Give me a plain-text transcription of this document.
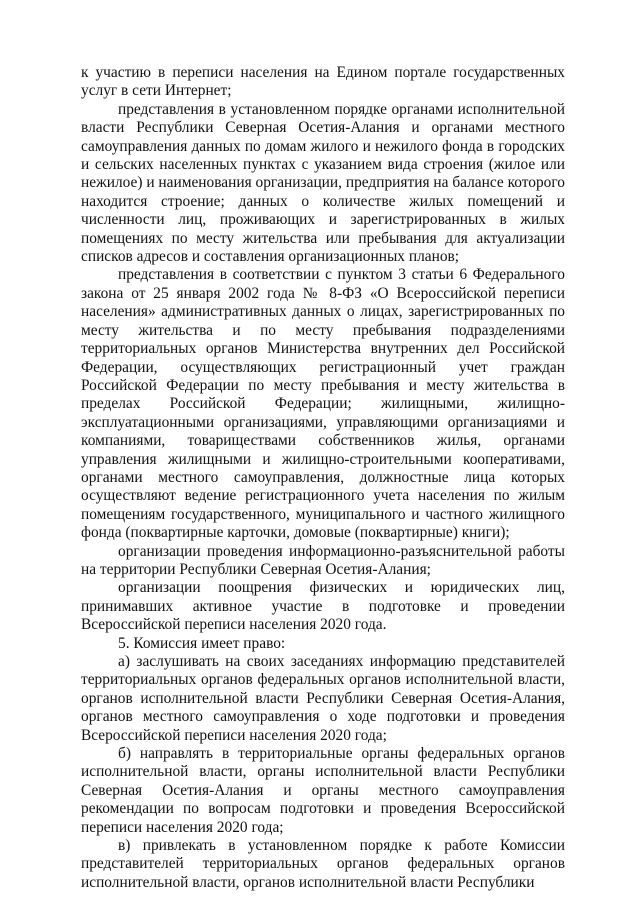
к участию в переписи населения на Едином портале государственных услуг в сети Интернет;

представления в установленном порядке органами исполнительной власти Республики Северная Осетия-Алания и органами местного самоуправления данных по домам жилого и нежилого фонда в городских и сельских населенных пунктах с указанием вида строения (жилое или нежилое) и наименования организации, предприятия на балансе которого находится строение; данных о количестве жилых помещений и численности лиц, проживающих и зарегистрированных в жилых помещениях по месту жительства или пребывания для актуализации списков адресов и составления организационных планов;

представления в соответствии с пунктом 3 статьи 6 Федерального закона от 25 января 2002 года № 8-ФЗ «О Всероссийской переписи населения» административных данных о лицах, зарегистрированных по месту жительства и по месту пребывания подразделениями территориальных органов Министерства внутренних дел Российской Федерации, осуществляющих регистрационный учет граждан Российской Федерации по месту пребывания и месту жительства в пределах Российской Федерации; жилищными, жилищно-эксплуатационными организациями, управляющими организациями и компаниями, товариществами собственников жилья, органами управления жилищными и жилищно-строительными кооперативами, органами местного самоуправления, должностные лица которых осуществляют ведение регистрационного учета населения по жилым помещениям государственного, муниципального и частного жилищного фонда (поквартирные карточки, домовые (поквартирные) книги);

организации проведения информационно-разъяснительной работы на территории Республики Северная Осетия-Алания;

организации поощрения физических и юридических лиц, принимавших активное участие в подготовке и проведении Всероссийской переписи населения 2020 года.

5. Комиссия имеет право:

а) заслушивать на своих заседаниях информацию представителей территориальных органов федеральных органов исполнительной власти, органов исполнительной власти Республики Северная Осетия-Алания, органов местного самоуправления о ходе подготовки и проведения Всероссийской переписи населения 2020 года;

б) направлять в территориальные органы федеральных органов исполнительной власти, органы исполнительной власти Республики Северная Осетия-Алания и органы местного самоуправления рекомендации по вопросам подготовки и проведения Всероссийской переписи населения 2020 года;

в) привлекать в установленном порядке к работе Комиссии представителей территориальных органов федеральных органов исполнительной власти, органов исполнительной власти Республики
